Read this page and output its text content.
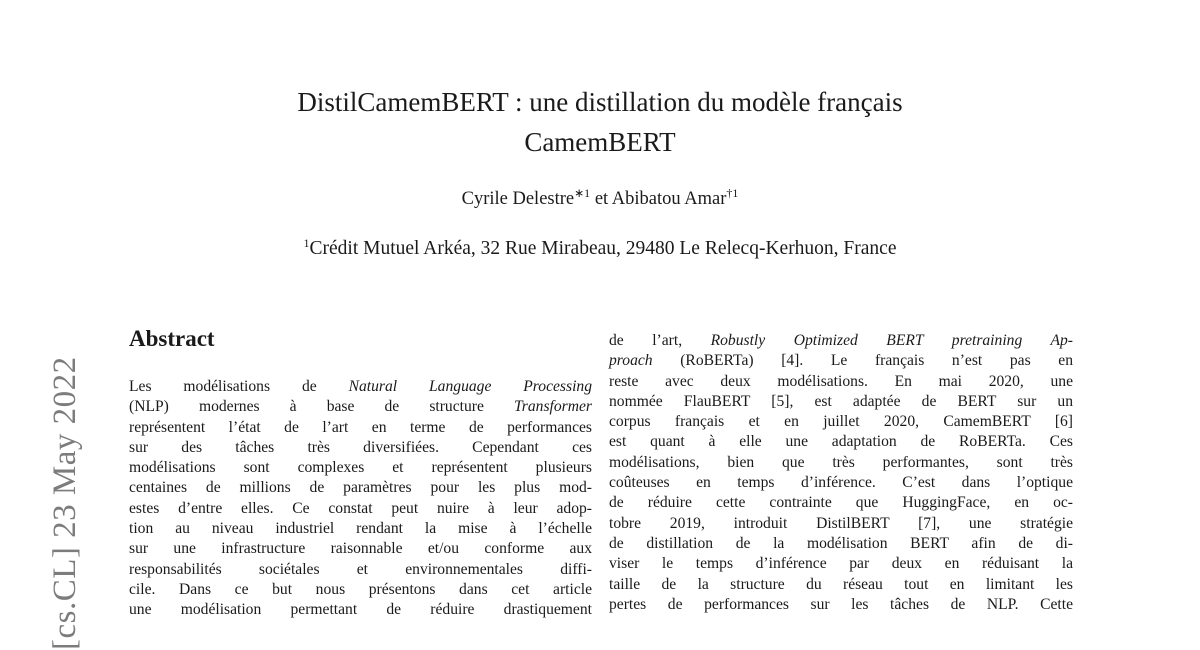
[cs.CL] 23 May 2022
DistilCamemBERT : une distillation du modèle français
CamemBERT
Cyrile Delestre$^{∗1}$ et Abibatou Amar$^{\dagger 1}$
$^1$Crédit Mutuel Arkéa, 32 Rue Mirabeau, 29480 Le Relecq-Kerhuon, France
Abstract
Les modélisations de Natural Language Processing
(NLP) modernes à base de structure Transformer
représentent l’état de l’art en terme de performances
sur des tâches très diversifiées. Cependant ces
modélisations sont complexes et représentent plusieurs
centaines de millions de paramètres pour les plus mod-
estes d’entre elles. Ce constat peut nuire à leur adop-
tion au niveau industriel rendant la mise à l’échelle
sur une infrastructure raisonnable et/ou conforme aux
responsabilités sociétales et environnementales diffi-
cile. Dans ce but nous présentons dans cet article
une modélisation permettant de réduire drastiquement
de l’art, Robustly Optimized BERT pretraining Ap-
proach (RoBERTa) [4]. Le français n’est pas en
reste avec deux modélisations. En mai 2020, une
nommée FlauBERT [5], est adaptée de BERT sur un
corpus français et en juillet 2020, CamemBERT [6]
est quant à elle une adaptation de RoBERTa. Ces
modélisations, bien que très performantes, sont très
coûteuses en temps d’inférence. C’est dans l’optique
de réduire cette contrainte que HuggingFace, en oc-
tobre 2019, introduit DistilBERT [7], une stratégie
de distillation de la modélisation BERT afin de di-
viser le temps d’inférence par deux en réduisant la
taille de la structure du réseau tout en limitant les
pertes de performances sur les tâches de NLP. Cette
